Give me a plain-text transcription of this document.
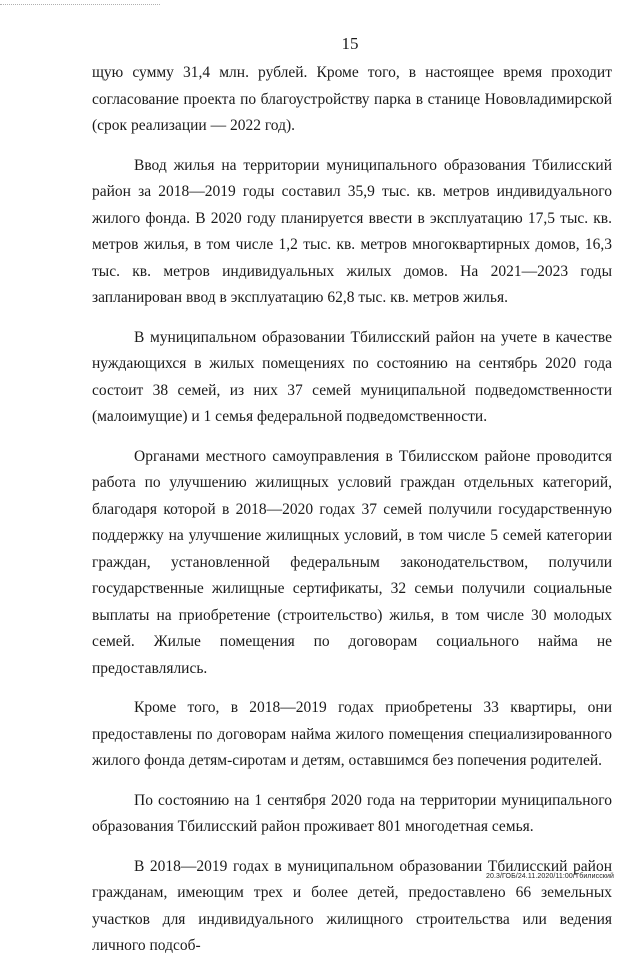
15

щую сумму 31,4 млн. рублей. Кроме того, в настоящее время проходит согласование проекта по благоустройству парка в станице Нововладимирской (срок реализации — 2022 год).

Ввод жилья на территории муниципального образования Тбилисский район за 2018—2019 годы составил 35,9 тыс. кв. метров индивидуального жилого фонда. В 2020 году планируется ввести в эксплуатацию 17,5 тыс. кв. метров жилья, в том числе 1,2 тыс. кв. метров многоквартирных домов, 16,3 тыс. кв. метров индивидуальных жилых домов. На 2021—2023 годы запланирован ввод в эксплуатацию 62,8 тыс. кв. метров жилья.

В муниципальном образовании Тбилисский район на учете в качестве нуждающихся в жилых помещениях по состоянию на сентябрь 2020 года состоит 38 семей, из них 37 семей муниципальной подведомственности (малоимущие) и 1 семья федеральной подведомственности.

Органами местного самоуправления в Тбилисском районе проводится работа по улучшению жилищных условий граждан отдельных категорий, благодаря которой в 2018—2020 годах 37 семей получили государственную поддержку на улучшение жилищных условий, в том числе 5 семей категории граждан, установленной федеральным законодательством, получили государственные жилищные сертификаты, 32 семьи получили социальные выплаты на приобретение (строительство) жилья, в том числе 30 молодых семей. Жилые помещения по договорам социального найма не предоставлялись.

Кроме того, в 2018—2019 годах приобретены 33 квартиры, они предоставлены по договорам найма жилого помещения специализированного жилого фонда детям-сиротам и детям, оставшимся без попечения родителей.

По состоянию на 1 сентября 2020 года на территории муниципального образования Тбилисский район проживает 801 многодетная семья.

В 2018—2019 годах в муниципальном образовании Тбилисский район гражданам, имеющим трех и более детей, предоставлено 66 земельных участков для индивидуального жилищного строительства или ведения личного подсоб-

20.3/ГОБ/24.11.2020/11:00/Тбилисский
